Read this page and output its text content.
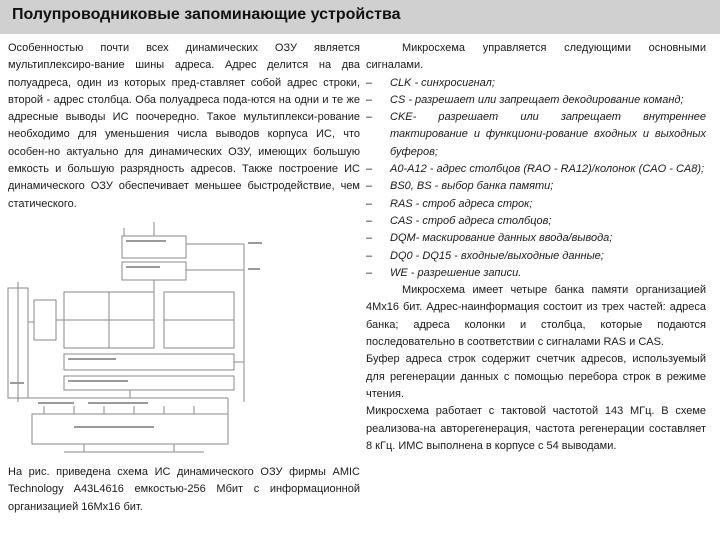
Полупроводниковые запоминающие устройства
Особенностью почти всех динамических ОЗУ является мультиплексиро-вание шины адреса. Адрес делится на два полуадреса, один из которых пред-ставляет собой адрес строки, второй - адрес столбца. Оба полуадреса пода-ются на одни и те же адресные выводы ИС поочередно. Такое мультиплекси-рование необходимо для уменьшения числа выводов корпуса ИС, что особен-но актуально для динамических ОЗУ, имеющих большую емкость и большую разрядность адресов. Также построение ИС динамического ОЗУ обеспечивает меньшее быстродействие, чем статического.
На рис. приведена схема ИС динамического ОЗУ фирмы AMIC Technology A43L4616 емкостью-256 Мбит с информационной организацией 16Мх16 бит.

Микросхема управляется следующими основными сигналами.

– CLK - синхросигнал;
– CS - разрешает или запрещает декодирование команд;
– CKE- разрешает или запрещает внутреннее тактирование и функциони-рование входных и выходных буферов;
– A0-A12 - адрес столбцов (RAO - RA12)/колонок (CAO - CA8);
– BS0, BS - выбор банка памяти;
– RAS - строб адреса строк;
– CAS - строб адреса столбцов;
– DQM- маскирование данных ввода/вывода;
– DQ0 - DQ15 - входные/выходные данные;
– WE - разрешение записи.

Микросхема имеет четыре банка памяти организацией 4Мх16 бит. Адрес-наинформация состоит из трех частей: адреса банка; адреса колонки и столбца, которые подаются последовательно в соответствии с сигналами RAS и CAS.

Буфер адреса строк содержит счетчик адресов, используемый для регенерации данных с помощью перебора строк в режиме чтения.

Микросхема работает с тактовой частотой 143 МГц. В схеме реализова-на авторегенерация, частота регенерации составляет 8 кГц. ИМС выполнена в корпусе с 54 выводами.
